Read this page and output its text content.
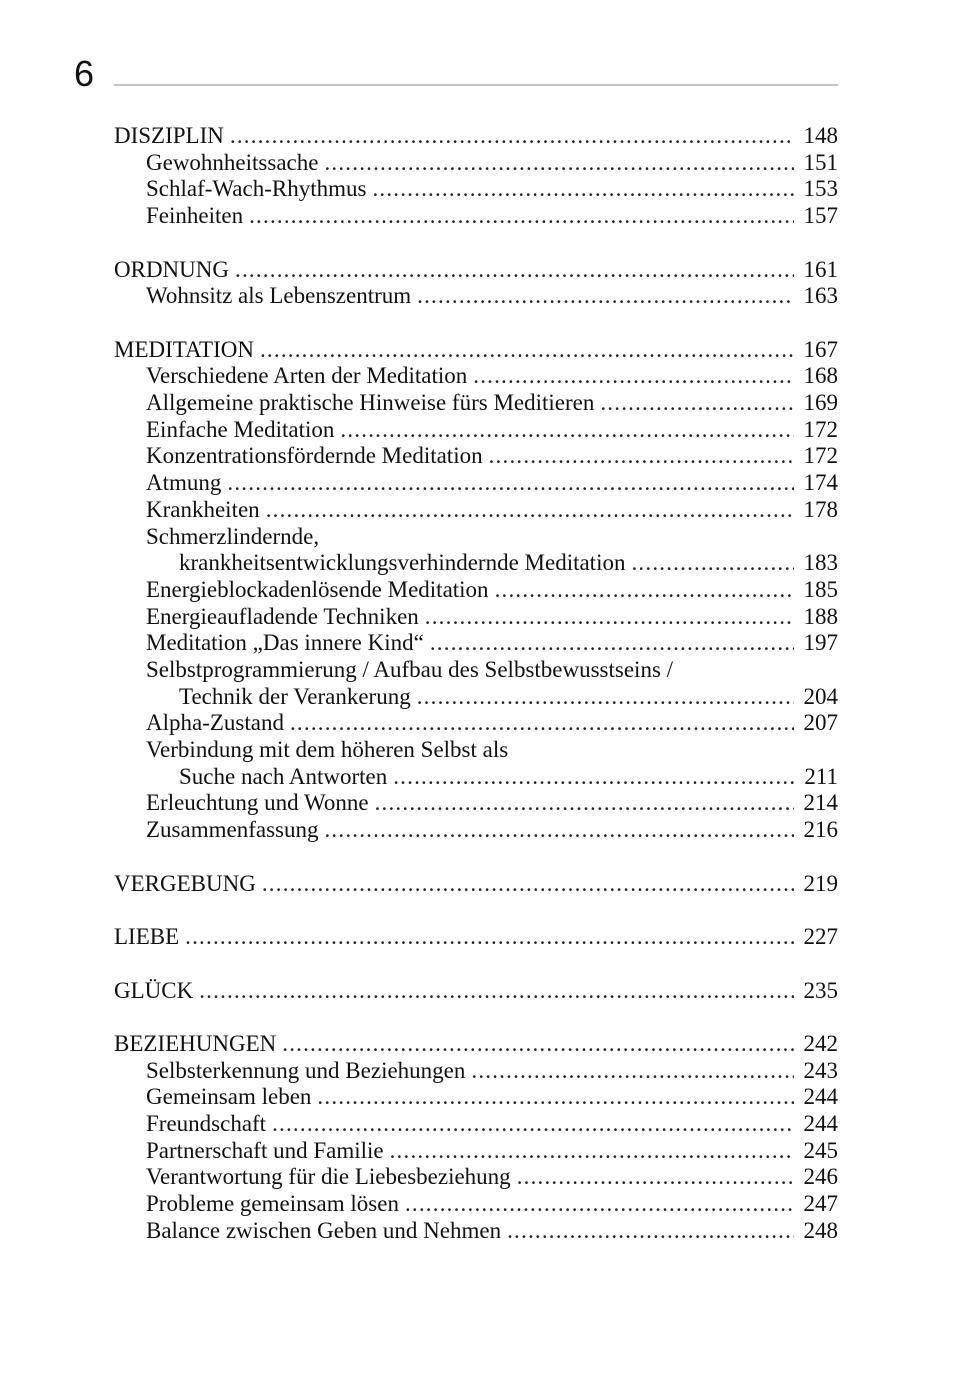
6
DISZIPLIN .....	148
Gewohnheitssache .....	151
Schlaf-Wach-Rhythmus .....	153
Feinheiten .....	157
ORDNUNG .....	161
Wohnsitz als Lebenszentrum .....	163
MEDITATION .....	167
Verschiedene Arten der Meditation .....	168
Allgemeine praktische Hinweise fürs Meditieren .....	169
Einfache Meditation .....	172
Konzentrationsfördernde Meditation .....	172
Atmung .....	174
Krankheiten .....	178
Schmerzlindernde,
krankheitsentwicklungsverhindernde Meditation .....	183
Energieblockadenlösende Meditation .....	185
Energieaufladende Techniken .....	188
Meditation „Das innere Kind“ .....	197
Selbstprogrammierung / Aufbau des Selbstbewusstseins /
Technik der Verankerung .....	204
Alpha-Zustand .....	207
Verbindung mit dem höheren Selbst als
Suche nach Antworten .....	211
Erleuchtung und Wonne .....	214
Zusammenfassung .....	216
VERGEBUNG .....	219
LIEBE .....	227
GLÜCK .....	235
BEZIEHUNGEN .....	242
Selbsterkennung und Beziehungen .....	243
Gemeinsam leben .....	244
Freundschaft .....	244
Partnerschaft und Familie .....	245
Verantwortung für die Liebesbeziehung .....	246
Probleme gemeinsam lösen .....	247
Balance zwischen Geben und Nehmen .....	248
